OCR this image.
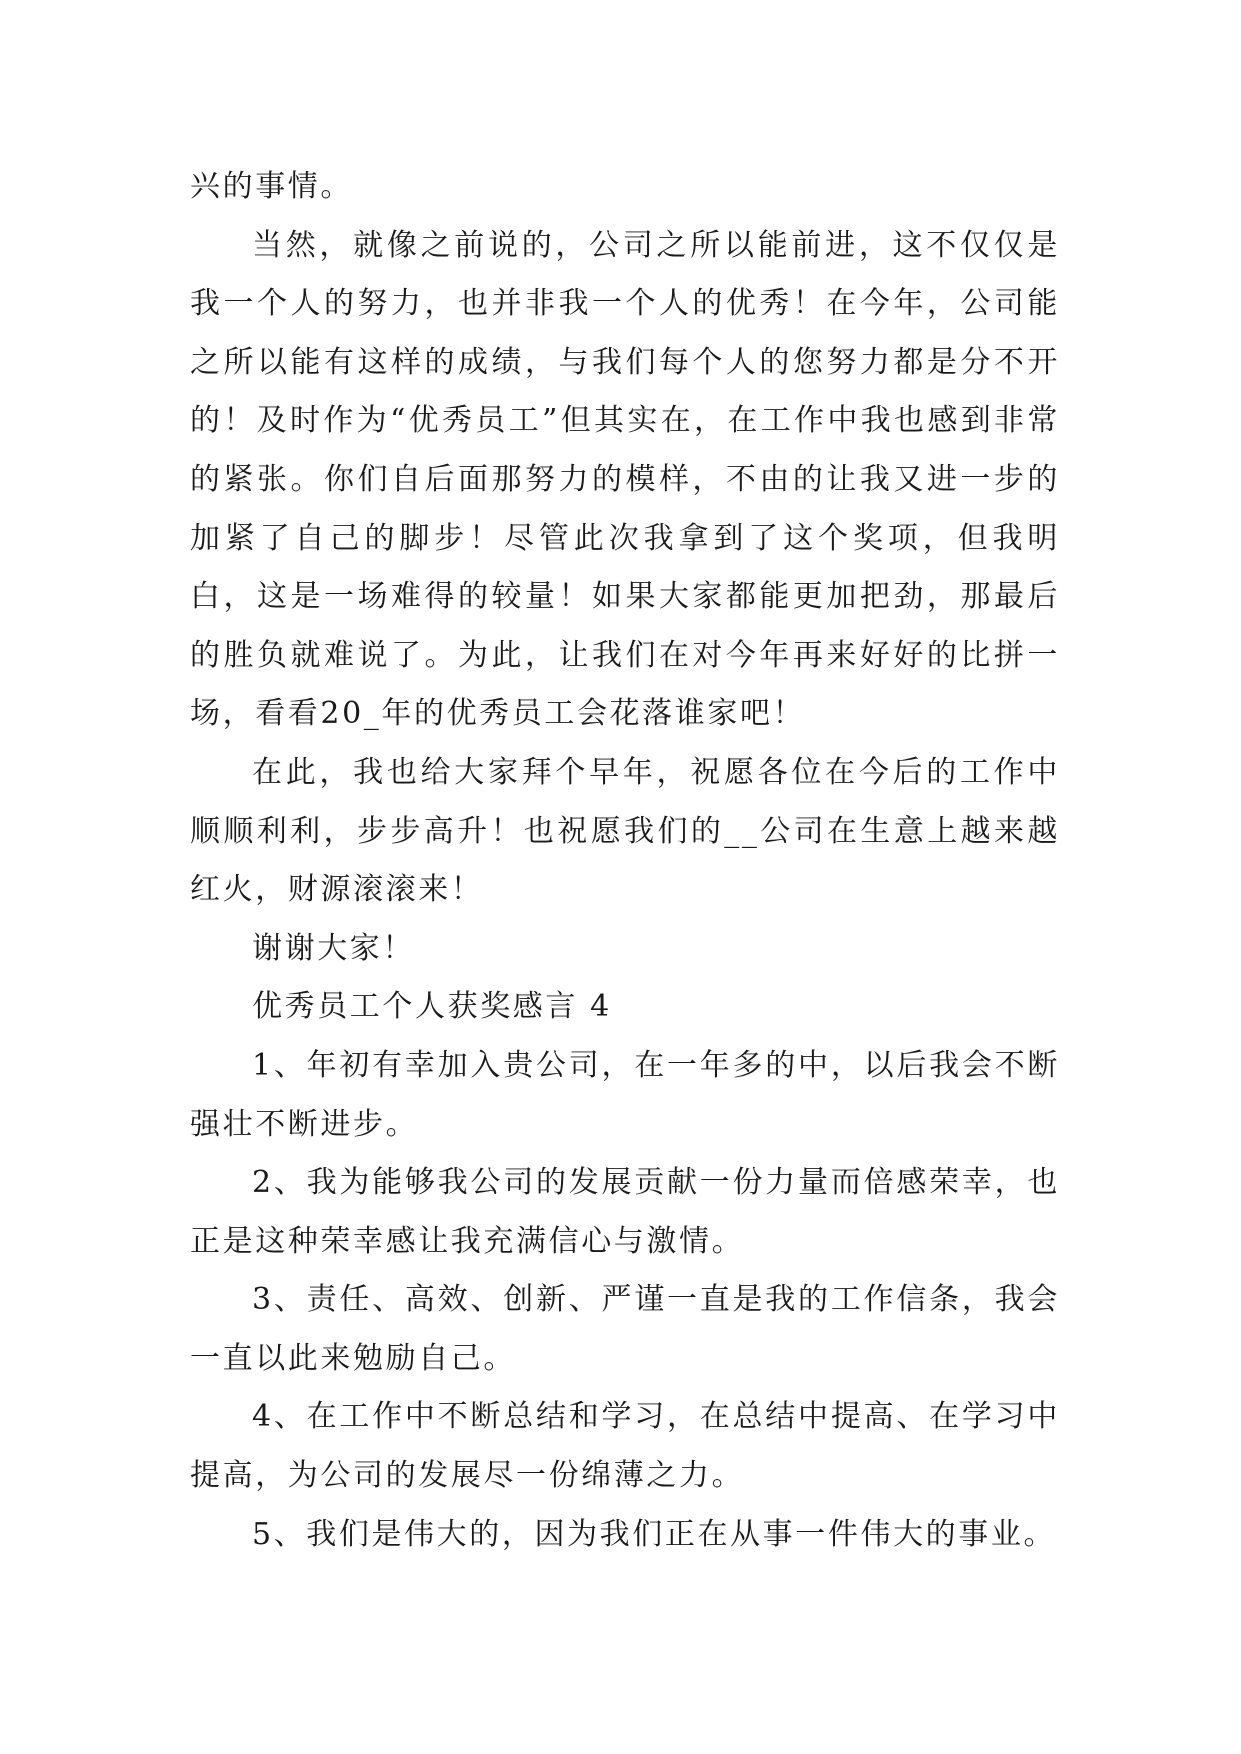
兴的事情。

当然，就像之前说的，公司之所以能前进，这不仅仅是我一个人的努力，也并非我一个人的优秀！在今年，公司能之所以能有这样的成绩，与我们每个人的您努力都是分不开的！及时作为“优秀员工”但其实在，在工作中我也感到非常的紧张。你们自后面那努力的模样，不由的让我又进一步的加紧了自己的脚步！尽管此次我拿到了这个奖项，但我明白，这是一场难得的较量！如果大家都能更加把劲，那最后的胜负就难说了。为此，让我们在对今年再来好好的比拼一场，看看20_年的优秀员工会花落谁家吧！

在此，我也给大家拜个早年，祝愿各位在今后的工作中顺顺利利，步步高升！也祝愿我们的__公司在生意上越来越红火，财源滚滚来！

谢谢大家！

优秀员工个人获奖感言 4

1、年初有幸加入贵公司，在一年多的中，以后我会不断强壮不断进步。

2、我为能够我公司的发展贡献一份力量而倍感荣幸，也正是这种荣幸感让我充满信心与激情。

3、责任、高效、创新、严谨一直是我的工作信条，我会一直以此来勉励自己。

4、在工作中不断总结和学习，在总结中提高、在学习中提高，为公司的发展尽一份绵薄之力。

5、我们是伟大的，因为我们正在从事一件伟大的事业。
